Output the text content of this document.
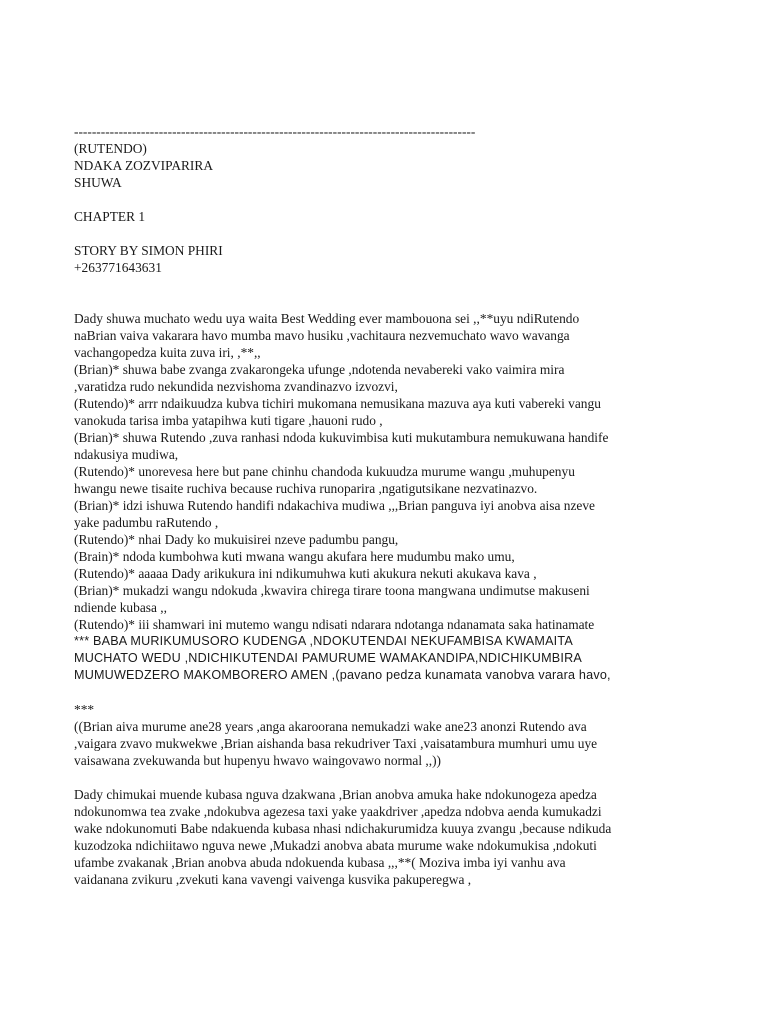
------------------------------------------------------------------------------------------
(RUTENDO)
NDAKA ZOZVIPARIRA
SHUWA
CHAPTER 1
STORY BY SIMON PHIRI
+263771643631
Dady shuwa muchato wedu uya waita Best Wedding ever mambouona sei ,,**uyu ndiRutendo
naBrian vaiva vakarara havo mumba mavo husiku ,vachitaura nezvemuchato wavo wavanga
vachangopedza kuita zuva iri, ,**,,
(Brian)* shuwa babe zvanga zvakarongeka ufunge ,ndotenda nevabereki vako vaimira mira
,varatidza rudo nekundida nezvishoma zvandinazvo izvozvi,
(Rutendo)* arrr ndaikuudza kubva tichiri mukomana nemusikana mazuva aya kuti vabereki vangu
vanokuda tarisa imba yatapihwa kuti tigare ,hauoni rudo ,
(Brian)* shuwa Rutendo ,zuva ranhasi ndoda kukuvimbisa kuti mukutambura nemukuwana handife
ndakusiya mudiwa,
(Rutendo)* unorevesa here but pane chinhu chandoda kukuudza murume wangu ,muhupenyu
hwangu newe tisaite ruchiva because ruchiva runoparira ,ngatigutsikane nezvatinazvo.
(Brian)* idzi ishuwa Rutendo handifi ndakachiva mudiwa ,,,Brian panguva iyi anobva aisa nzeve
yake padumbu raRutendo ,
(Rutendo)* nhai Dady ko mukuisirei nzeve padumbu pangu,
(Brain)* ndoda kumbohwa kuti mwana wangu akufara here mudumbu mako umu,
(Rutendo)* aaaaa Dady arikukura ini ndikumuhwa kuti akukura nekuti akukava kava ,
(Brian)* mukadzi wangu ndokuda ,kwavira chirega tirare toona mangwana undimutse makuseni
ndiende kubasa ,,
(Rutendo)* iii shamwari ini mutemo wangu ndisati ndarara ndotanga ndanamata saka hatinamate
*** BABA MURIKUMUSORO KUDENGA ,NDOKUTENDAI NEKUFAMBISA KWAMAITA
MUCHATO WEDU ,NDICHIKUTENDAI PAMURUME WAMAKANDIPA,NDICHIKUMBIRA
MUMUWEDZERO MAKOMBORERO AMEN ,(pavano pedza kunamata vanobva varara havo,
***
((Brian aiva murume ane28 years ,anga akaroorana nemukadzi wake ane23 anonzi Rutendo ava
,vaigara zvavo mukwekwe ,Brian aishanda basa rekudriver Taxi ,vaisatambura mumhuri umu uye
vaisawana zvekuwanda but hupenyu hwavo waingovawo normal ,,))
Dady chimukai muende kubasa nguva dzakwana ,Brian anobva amuka hake ndokunogeza apedza
ndokunomwa tea zvake ,ndokubva agezesa taxi yake yaakdriver ,apedza ndobva aenda kumukadzi
wake ndokunomuti Babe ndakuenda kubasa nhasi ndichakurumidza kuuya zvangu ,because ndikuda
kuzodzoka ndichiitawo nguva newe ,Mukadzi anobva abata murume wake ndokumukisa ,ndokuti
ufambe zvakanak ,Brian anobva abuda ndokuenda kubasa ,,,**( Moziva imba iyi vanhu ava
vaidanana zvikuru ,zvekuti kana vavengi vaivenga kusvika pakuperegwa ,
